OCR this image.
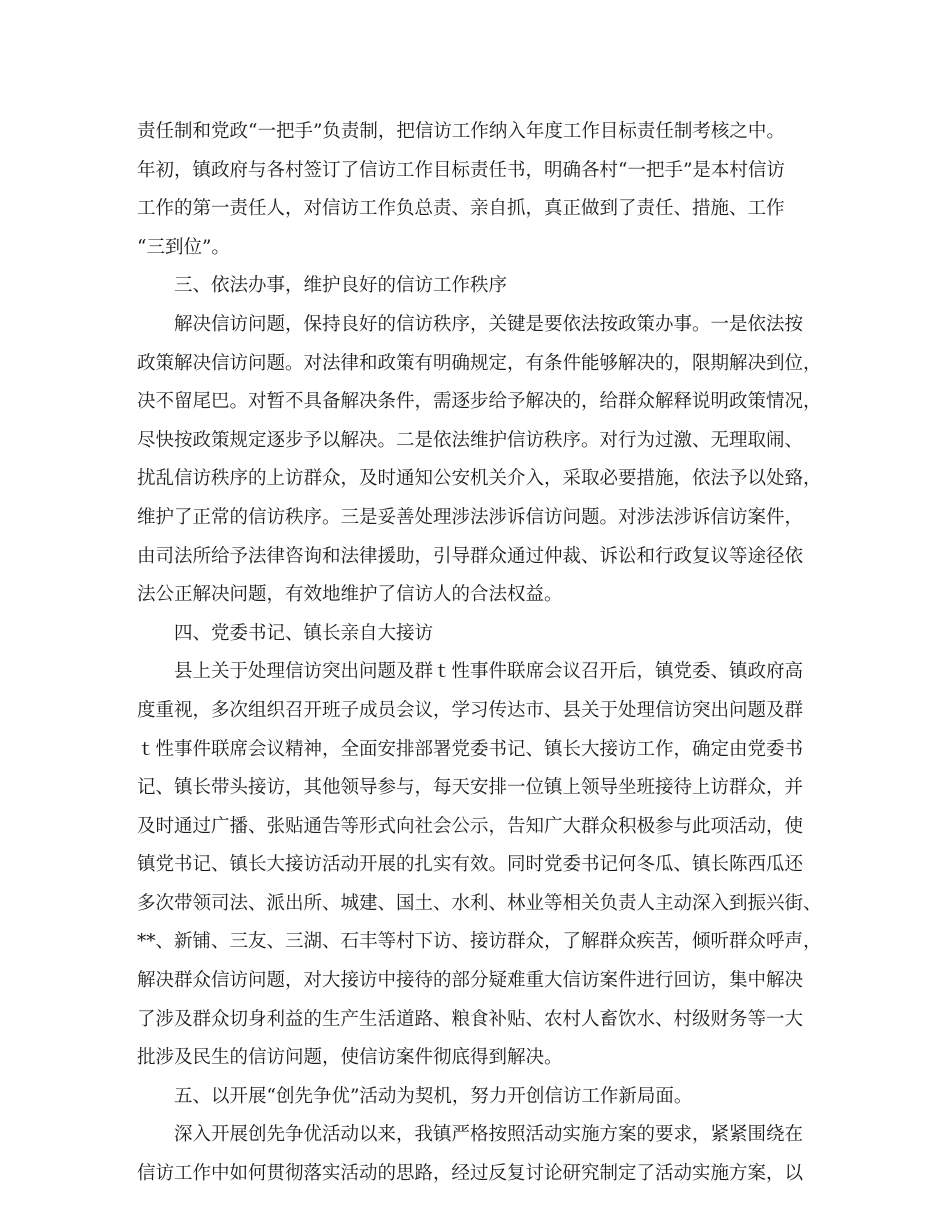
责任制和党政“一把手”负责制，把信访工作纳入年度工作目标责任制考核之中。
年初，镇政府与各村签订了信访工作目标责任书，明确各村“一把手”是本村信访
工作的第一责任人，对信访工作负总责、亲自抓，真正做到了责任、措施、工作
“三到位”。
三、依法办事，维护良好的信访工作秩序
解决信访问题，保持良好的信访秩序，关键是要依法按政策办事。一是依法按
政策解决信访问题。对法律和政策有明确规定，有条件能够解决的，限期解决到位，
决不留尾巴。对暂不具备解决条件，需逐步给予解决的，给群众解释说明政策情况，
尽快按政策规定逐步予以解决。二是依法维护信访秩序。对行为过激、无理取闹、
扰乱信访秩序的上访群众，及时通知公安机关介入，采取必要措施，依法予以处臵，
维护了正常的信访秩序。三是妥善处理涉法涉诉信访问题。对涉法涉诉信访案件，
由司法所给予法律咨询和法律援助，引导群众通过仲裁、诉讼和行政复议等途径依
法公正解决问题，有效地维护了信访人的合法权益。
四、党委书记、镇长亲自大接访
县上关于处理信访突出问题及群ｔ性事件联席会议召开后，镇党委、镇政府高
度重视，多次组织召开班子成员会议，学习传达市、县关于处理信访突出问题及群
ｔ性事件联席会议精神，全面安排部署党委书记、镇长大接访工作，确定由党委书
记、镇长带头接访，其他领导参与，每天安排一位镇上领导坐班接待上访群众，并
及时通过广播、张贴通告等形式向社会公示，告知广大群众积极参与此项活动，使
镇党书记、镇长大接访活动开展的扎实有效。同时党委书记何冬瓜、镇长陈西瓜还
多次带领司法、派出所、城建、国土、水利、林业等相关负责人主动深入到振兴街、
**、新铺、三友、三湖、石丰等村下访、接访群众，了解群众疾苦，倾听群众呼声，
解决群众信访问题，对大接访中接待的部分疑难重大信访案件进行回访，集中解决
了涉及群众切身利益的生产生活道路、粮食补贴、农村人畜饮水、村级财务等一大
批涉及民生的信访问题，使信访案件彻底得到解决。
五、以开展“创先争优”活动为契机，努力开创信访工作新局面。
深入开展创先争优活动以来，我镇严格按照活动实施方案的要求，紧紧围绕在
信访工作中如何贯彻落实活动的思路，经过反复讨论研究制定了活动实施方案，以
